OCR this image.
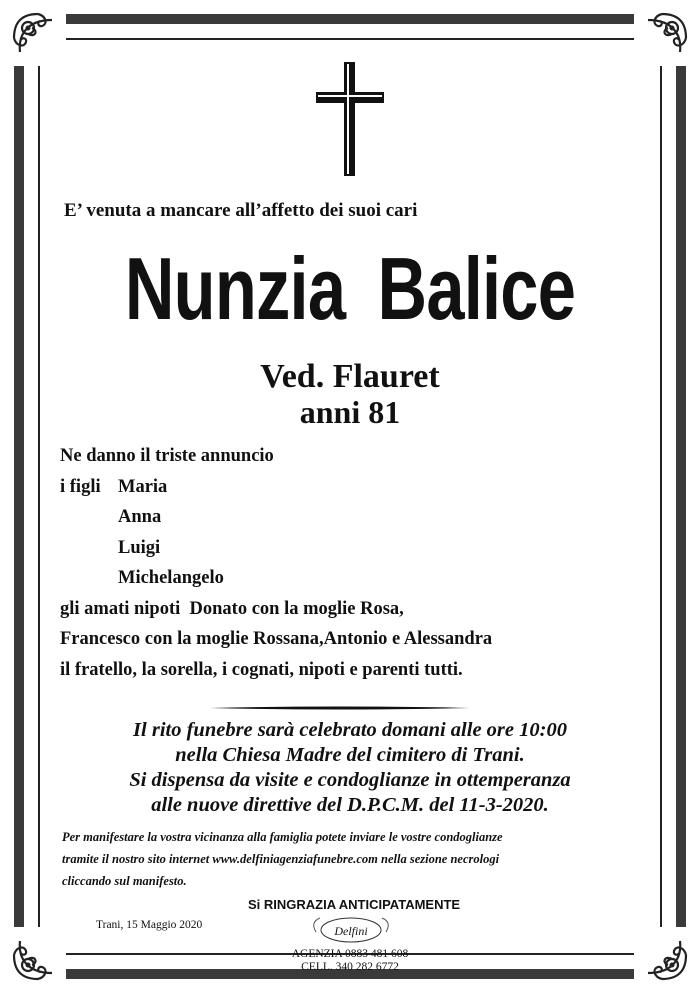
E’ venuta a mancare all’affetto dei suoi cari
Nunzia Balice
Ved. Flauret
anni 81
Ne danno il triste annuncio
i figli Maria
Anna
Luigi
Michelangelo
gli amati nipoti  Donato con la moglie Rosa,
Francesco con la moglie Rossana,Antonio e Alessandra
il fratello, la sorella, i cognati, nipoti e parenti tutti.

Il rito funebre sarà celebrato domani alle ore 10:00

nella Chiesa Madre del cimitero di Trani.

Si dispensa da visite e condoglianze in ottemperanza

alle nuove direttive del D.P.C.M. del 11-3-2020.

Per manifestare la vostra vicinanza alla famiglia potete inviare le vostre condoglianze

tramite il nostro sito internet www.delfiniagenziafunebre.com nella sezione necrologi

cliccando sul manifesto.

Si RINGRAZIA ANTICIPATAMENTE
Trani, 15 Maggio 2020	Delfini
AGENZIA 0883 481 608
CELL. 340 282 6772
